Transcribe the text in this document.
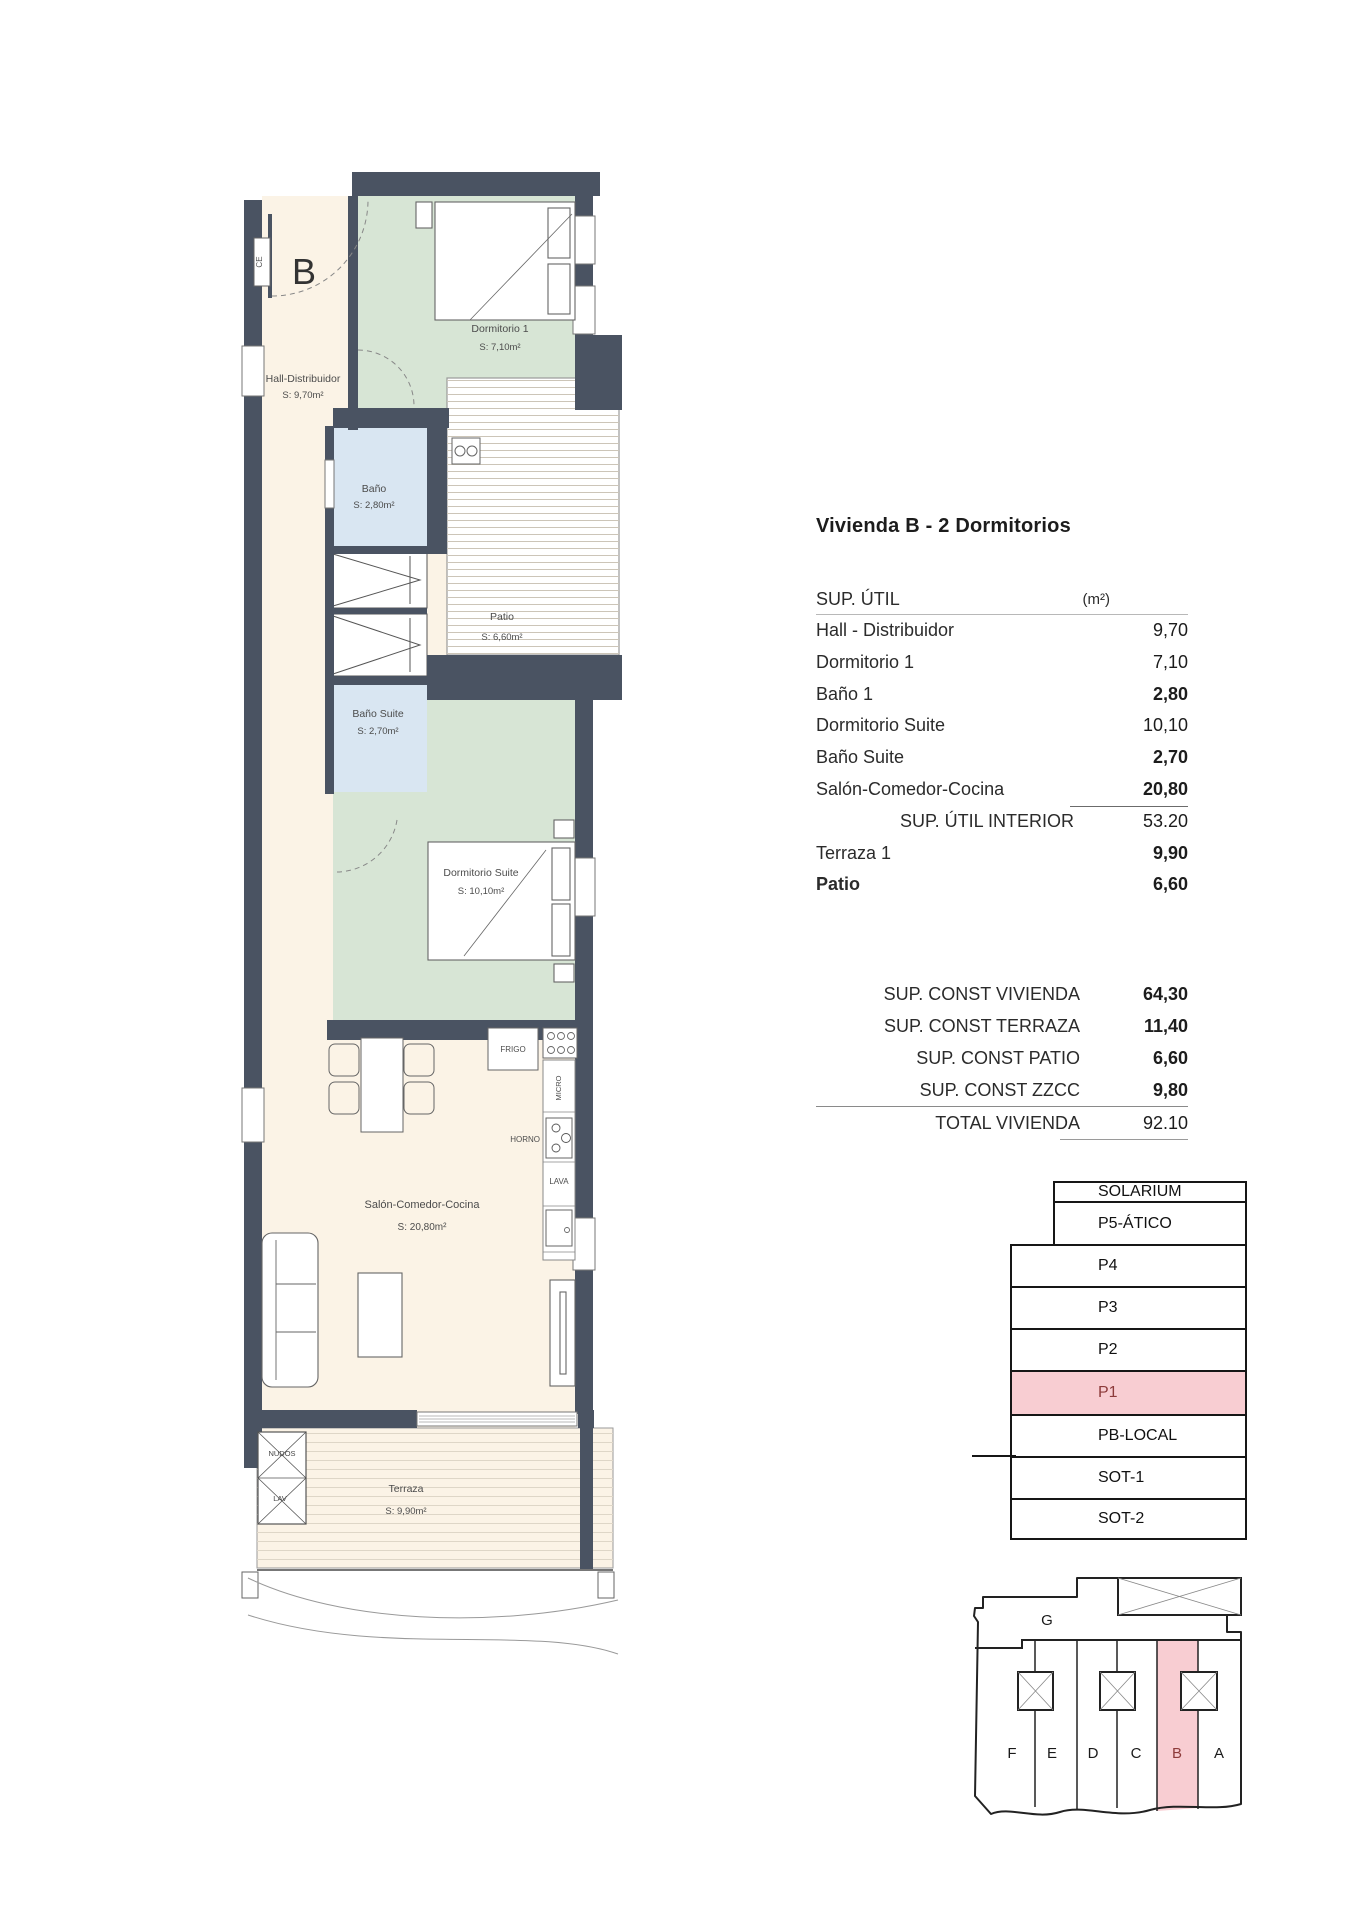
CE
NUDOS
LAV
B
Hall-Distribuidor
S: 9,70m²
Dormitorio 1
S: 7,10m²
Baño
S: 2,80m²
Patio
S: 6,60m²
Baño Suite
S: 2,70m²
Dormitorio Suite
S: 10,10m²
Salón-Comedor-Cocina
S: 20,80m²
Terraza
S: 9,90m²
FRIGO
MICRO
HORNO
LAVA
Vivienda B - 2 Dormitorios
SUP. ÚTIL	(m²)
Hall - Distribuidor	9,70
Dormitorio 1	7,10
Baño 1	2,80
Dormitorio Suite	10,10
Baño Suite	2,70
Salón-Comedor-Cocina	20,80
SUP. ÚTIL INTERIOR	53.20
Terraza 1	9,90
Patio	6,60
SUP. CONST VIVIENDA	64,30
SUP. CONST TERRAZA	11,40
SUP. CONST PATIO	6,60
SUP. CONST ZZCC	9,80
TOTAL VIVIENDA	92.10
SOLARIUM
P5-ÁTICO
P4
P3
P2
P1
PB-LOCAL
SOT-1
SOT-2
G
F E D C B A
